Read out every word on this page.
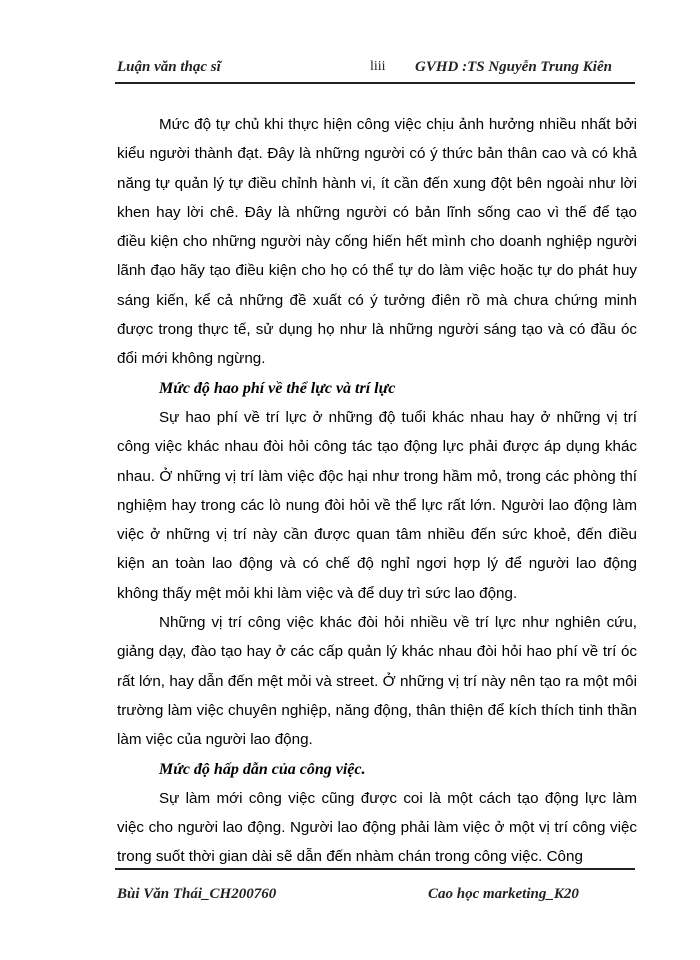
Luận văn thạc sĩ	liii GVHD :TS Nguyễn Trung Kiên

Mức độ tự chủ khi thực hiện công việc chịu ảnh hưởng nhiều nhất bởi kiểu người thành đạt. Đây là những người có ý thức bản thân cao và có khả năng tự quản lý tự điều chỉnh hành vi, ít cần đến xung đột bên ngoài như lời khen hay lời chê. Đây là những người có bản lĩnh sống cao vì thế để tạo điều kiện cho những người này cống hiến hết mình cho doanh nghiệp người lãnh đạo hãy tạo điều kiện cho họ có thể tự do làm việc hoặc tự do phát huy sáng kiến, kể cả những đề xuất có ý tưởng điên rồ mà chưa chứng minh được trong thực tế, sử dụng họ như là những người sáng tạo và có đầu óc đổi mới không ngừng.

Mức độ hao phí về thể lực và trí lực

Sự hao phí về trí lực ở những độ tuổi khác nhau hay ở những vị trí công việc khác nhau đòi hỏi công tác tạo động lực phải được áp dụng khác nhau. Ở những vị trí làm việc độc hại như trong hầm mỏ, trong các phòng thí nghiệm hay trong các lò nung đòi hỏi về thể lực rất lớn. Người lao động làm việc ở những vị trí này cần được quan tâm nhiều đến sức khoẻ, đến điều kiện an toàn lao động và có chế độ nghỉ ngơi hợp lý để người lao động không thấy mệt mỏi khi làm việc và để duy trì sức lao động.

Những vị trí công việc khác đòi hỏi nhiều về trí lực như nghiên cứu, giảng dạy, đào tạo hay ở các cấp quản lý khác nhau đòi hỏi hao phí về trí óc rất lớn, hay dẫn đến mệt mỏi và street. Ở những vị trí này nên tạo ra một môi trường làm việc chuyên nghiệp, năng động, thân thiện để kích thích tinh thần làm việc của người lao động.

Mức độ hấp dẫn của công việc.

Sự làm mới công việc cũng được coi là một cách tạo động lực làm việc cho người lao động. Người lao động phải làm việc ở một vị trí công việc trong suốt thời gian dài sẽ dẫn đến nhàm chán trong công việc. Công

Bùi Văn Thái_CH200760	Cao học marketing_K20
